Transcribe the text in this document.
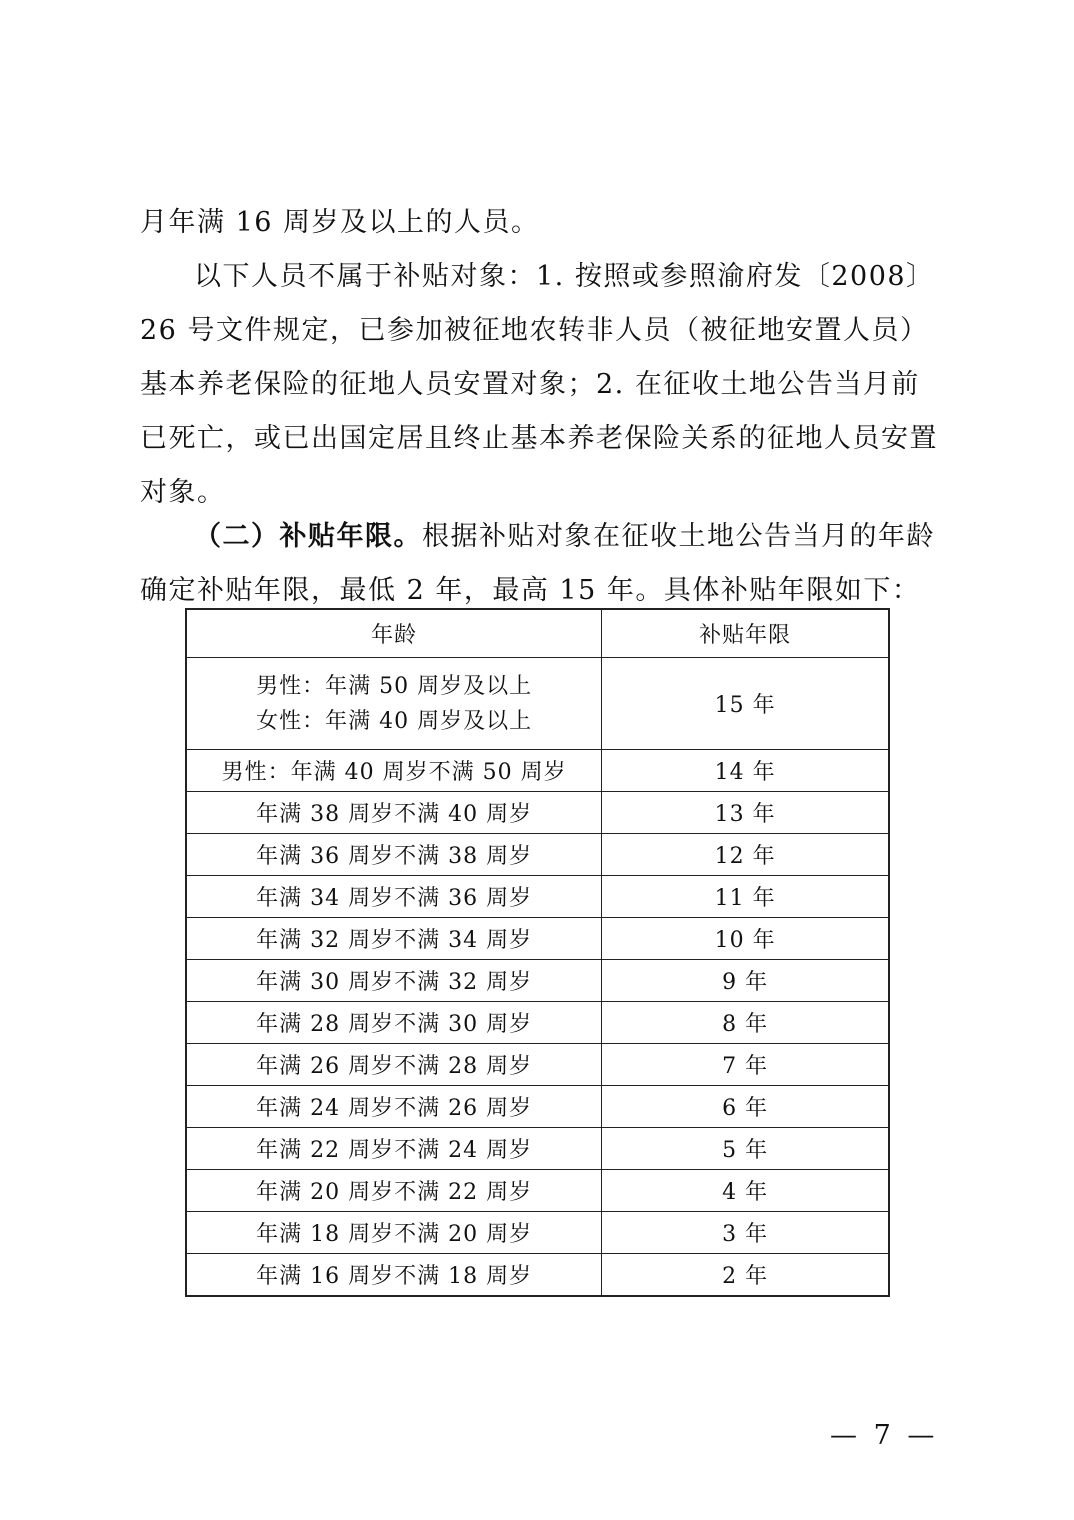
月年满 16 周岁及以上的人员。
以下人员不属于补贴对象：1. 按照或参照渝府发〔2008〕
26 号文件规定，已参加被征地农转非人员（被征地安置人员）
基本养老保险的征地人员安置对象；2. 在征收土地公告当月前
已死亡，或已出国定居且终止基本养老保险关系的征地人员安置
对象。
（二）补贴年限。根据补贴对象在征收土地公告当月的年龄
确定补贴年限，最低 2 年，最高 15 年。具体补贴年限如下：
年龄	补贴年限

男性：年满 50 周岁及以上
女性：年满 40 周岁及以上	15 年
男性：年满 40 周岁不满 50 周岁	14 年
年满 38 周岁不满 40 周岁	13 年
年满 36 周岁不满 38 周岁	12 年
年满 34 周岁不满 36 周岁	11 年
年满 32 周岁不满 34 周岁	10 年
年满 30 周岁不满 32 周岁	9 年
年满 28 周岁不满 30 周岁	8 年
年满 26 周岁不满 28 周岁	7 年
年满 24 周岁不满 26 周岁	6 年
年满 22 周岁不满 24 周岁	5 年
年满 20 周岁不满 22 周岁	4 年
年满 18 周岁不满 20 周岁	3 年
年满 16 周岁不满 18 周岁	2 年
— 7 —
